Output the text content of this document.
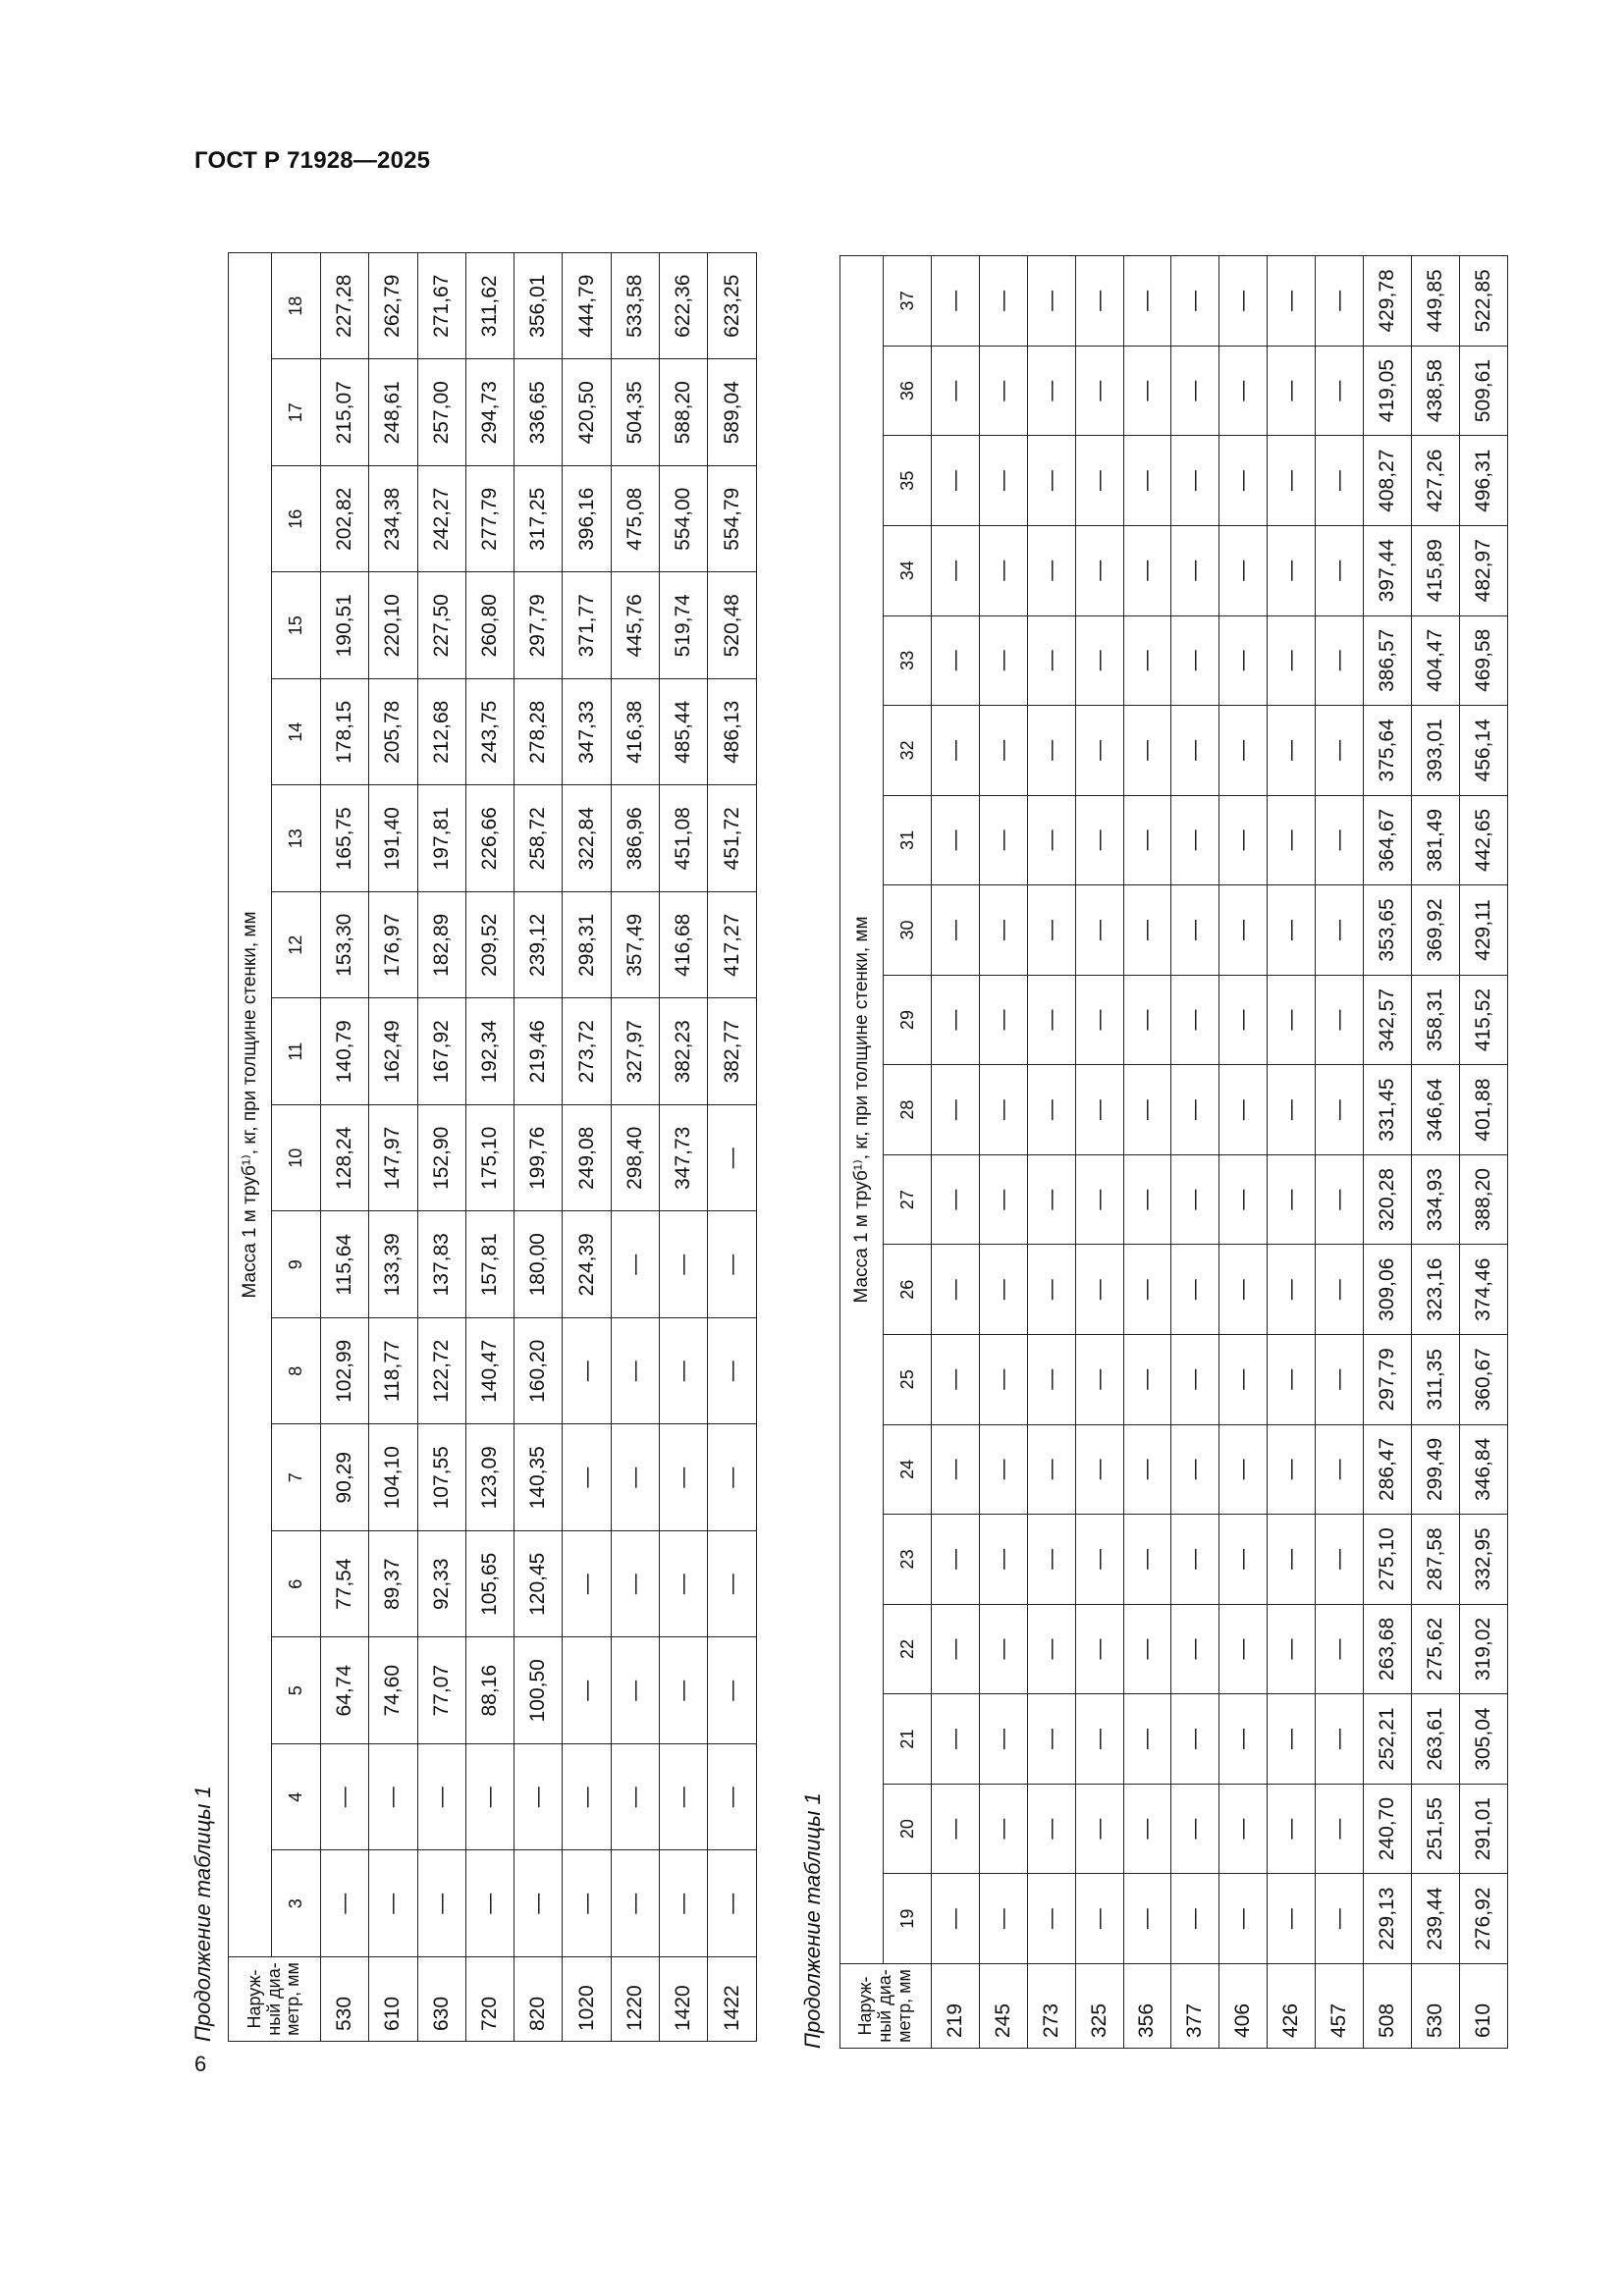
ГОСТ Р 71928—2025
Продолжение таблицы 1 Наруж-ный диа-метр, мм	Масса 1 м труб¹⁾, кг, при толщине стенки, мм															
	3	4	5	6	7	8	9	10	11	12	13	14	15	16	17	18
530	—	—	64,74	77,54	90,29	102,99	115,64	128,24	140,79	153,30	165,75	178,15	190,51	202,82	215,07	227,28
610	—	—	74,60	89,37	104,10	118,77	133,39	147,97	162,49	176,97	191,40	205,78	220,10	234,38	248,61	262,79
630	—	—	77,07	92,33	107,55	122,72	137,83	152,90	167,92	182,89	197,81	212,68	227,50	242,27	257,00	271,67
720	—	—	88,16	105,65	123,09	140,47	157,81	175,10	192,34	209,52	226,66	243,75	260,80	277,79	294,73	311,62
820	—	—	100,50	120,45	140,35	160,20	180,00	199,76	219,46	239,12	258,72	278,28	297,79	317,25	336,65	356,01
1020	—	—	—	—	—	—	224,39	249,08	273,72	298,31	322,84	347,33	371,77	396,16	420,50	444,79
1220	—	—	—	—	—	—	—	298,40	327,97	357,49	386,96	416,38	445,76	475,08	504,35	533,58
1420	—	—	—	—	—	—	—	347,73	382,23	416,68	451,08	485,44	519,74	554,00	588,20	622,36
1422	—	—	—	—	—	—	—	—	382,77	417,27	451,72	486,13	520,48	554,79	589,04	623,25
Продолжение таблицы 1 Наруж-ный диа-метр, мм	Масса 1 м труб¹⁾, кг, при толщине стенки, мм																		
	19	20	21	22	23	24	25	26	27	28	29	30	31	32	33	34	35	36	37
219	—	—	—	—	—	—	—	—	—	—	—	—	—	—	—	—	—	—	—
245	—	—	—	—	—	—	—	—	—	—	—	—	—	—	—	—	—	—	—
273	—	—	—	—	—	—	—	—	—	—	—	—	—	—	—	—	—	—	—
325	—	—	—	—	—	—	—	—	—	—	—	—	—	—	—	—	—	—	—
356	—	—	—	—	—	—	—	—	—	—	—	—	—	—	—	—	—	—	—
377	—	—	—	—	—	—	—	—	—	—	—	—	—	—	—	—	—	—	—
406	—	—	—	—	—	—	—	—	—	—	—	—	—	—	—	—	—	—	—
426	—	—	—	—	—	—	—	—	—	—	—	—	—	—	—	—	—	—	—
457	—	—	—	—	—	—	—	—	—	—	—	—	—	—	—	—	—	—	—
508	229,13	240,70	252,21	263,68	275,10	286,47	297,79	309,06	320,28	331,45	342,57	353,65	364,67	375,64	386,57	397,44	408,27	419,05	429,78
530	239,44	251,55	263,61	275,62	287,58	299,49	311,35	323,16	334,93	346,64	358,31	369,92	381,49	393,01	404,47	415,89	427,26	438,58	449,85
610	276,92	291,01	305,04	319,02	332,95	346,84	360,67	374,46	388,20	401,88	415,52	429,11	442,65	456,14	469,58	482,97	496,31	509,61	522,85
6
